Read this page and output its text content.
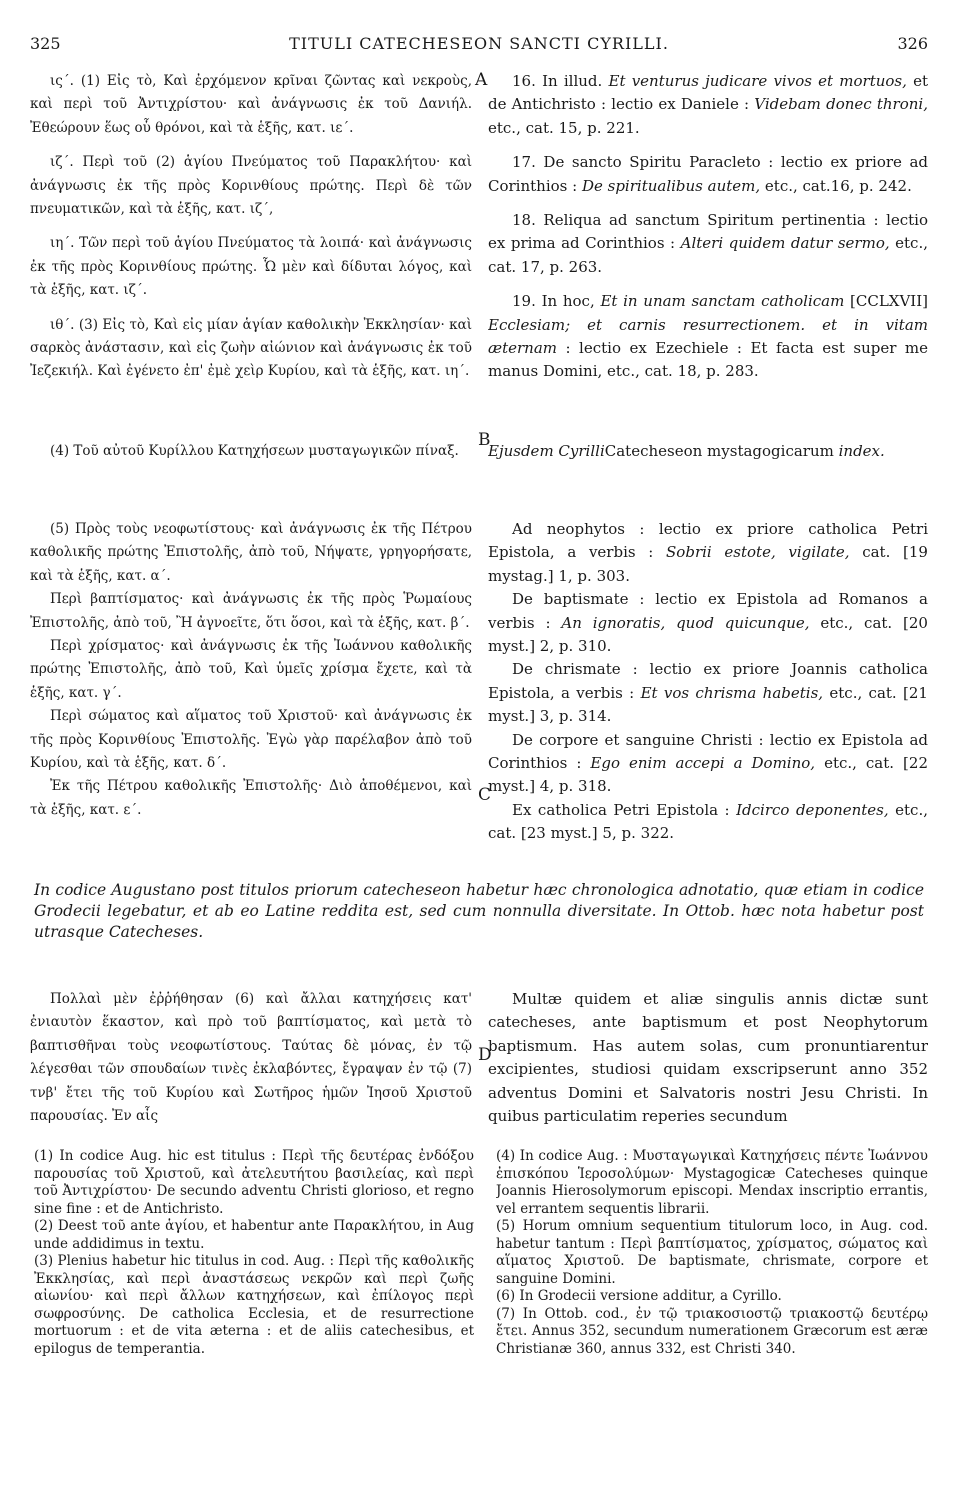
325	TITULI CATECHESEON SANCTI CYRILLI.	326

ις΄. (1) Εἰς τὸ, Καὶ ἐρχόμενον κρῖναι ζῶντας καὶ νεκροὺς, καὶ περὶ τοῦ Ἀντιχρίστου· καὶ ἀνάγνωσις ἐκ τοῦ Δανιήλ. Ἐθεώρουν ἕως οὗ θρόνοι, καὶ τὰ ἑξῆς, κατ. ιε΄.

ιζ΄. Περὶ τοῦ (2) ἁγίου Πνεύματος τοῦ Παρακλήτου· καὶ ἀνάγνωσις ἐκ τῆς πρὸς Κορινθίους πρώτης. Περὶ δὲ τῶν πνευματικῶν, καὶ τὰ ἑξῆς, κατ. ιζ΄,

ιη΄. Τῶν περὶ τοῦ ἁγίου Πνεύματος τὰ λοιπά· καὶ ἀνάγνωσις ἐκ τῆς πρὸς Κορινθίους πρώτης. Ὧ μὲν καὶ δίδυται λόγος, καὶ τὰ ἑξῆς, κατ. ιζ΄.

ιθ΄. (3) Εἰς τὸ, Καὶ εἰς μίαν ἁγίαν καθολικὴν Ἐκκλησίαν· καὶ σαρκὸς ἀνάστασιν, καὶ εἰς ζωὴν αἰώνιον καὶ ἀνάγνωσις ἐκ τοῦ Ἰεζεκιήλ. Καὶ ἐγένετο ἐπ' ἐμὲ χεὶρ Κυρίου, καὶ τὰ ἑξῆς, κατ. ιη΄.

16. In illud. Et venturus judicare vivos et mortuos, et de Antichristo : lectio ex Daniele : Videbam donec throni, etc., cat. 15, p. 221.

17. De sancto Spiritu Paracleto : lectio ex priore ad Corinthios : De spiritualibus autem, etc., cat.16, p. 242.

18. Reliqua ad sanctum Spiritum pertinentia : lectio ex prima ad Corinthios : Alteri quidem datur sermo, etc., cat. 17, p. 263.

19. In hoc, Et in unam sanctam catholicam [CCLXVII] Ecclesiam; et carnis resurrectionem. et in vitam æternam : lectio ex Ezechiele : Et facta est super me manus Domini, etc., cat. 18, p. 283.

A
B
C
D

(4) Τοῦ αὐτοῦ Κυρίλλου Κατηχήσεων μυσταγωγικῶν πίναξ.	Ejusdem CyrilliCatecheseon mystagogicarum index.

(5) Πρὸς τοὺς νεοφωτίστους· καὶ ἀνάγνωσις ἐκ τῆς Πέτρου καθολικῆς πρώτης Ἐπιστολῆς, ἀπὸ τοῦ, Νήψατε, γρηγορήσατε, καὶ τὰ ἑξῆς, κατ. α΄.

Περὶ βαπτίσματος· καὶ ἀνάγνωσις ἐκ τῆς πρὸς Ῥωμαίους Ἐπιστολῆς, ἀπὸ τοῦ, Ἢ ἀγνοεῖτε, ὅτι ὅσοι, καὶ τὰ ἑξῆς, κατ. β΄.

Περὶ χρίσματος· καὶ ἀνάγνωσις ἐκ τῆς Ἰωάννου καθολικῆς πρώτης Ἐπιστολῆς, ἀπὸ τοῦ, Καὶ ὑμεῖς χρίσμα ἔχετε, καὶ τὰ ἑξῆς, κατ. γ΄.

Περὶ σώματος καὶ αἵματος τοῦ Χριστοῦ· καὶ ἀνάγνωσις ἐκ τῆς πρὸς Κορινθίους Ἐπιστολῆς. Ἐγὼ γὰρ παρέλαβον ἀπὸ τοῦ Κυρίου, καὶ τὰ ἑξῆς, κατ. δ΄.

Ἐκ τῆς Πέτρου καθολικῆς Ἐπιστολῆς· Διὸ ἀποθέμενοι, καὶ τὰ ἑξῆς, κατ. ε΄.

Ad neophytos : lectio ex priore catholica Petri Epistola, a verbis : Sobrii estote, vigilate, cat. [19 mystag.] 1, p. 303.

De baptismate : lectio ex Epistola ad Romanos a verbis : An ignoratis, quod quicunque, etc., cat. [20 myst.] 2, p. 310.

De chrismate : lectio ex priore Joannis catholica Epistola, a verbis : Et vos chrisma habetis, etc., cat. [21 myst.] 3, p. 314.

De corpore et sanguine Christi : lectio ex Epistola ad Corinthios : Ego enim accepi a Domino, etc., cat. [22 myst.] 4, p. 318.

Ex catholica Petri Epistola : Idcirco deponentes, etc., cat. [23 myst.] 5, p. 322.

In codice Augustano post titulos priorum catecheseon habetur hæc chronologica adnotatio, quæ etiam in codice Grodecii legebatur, et ab eo Latine reddita est, sed cum nonnulla diversitate. In Ottob. hæc nota habetur post utrasque Catecheses.

Πολλαὶ μὲν ἐῤῥήθησαν (6) καὶ ἄλλαι κατηχήσεις κατ' ἐνιαυτὸν ἕκαστον, καὶ πρὸ τοῦ βαπτίσματος, καὶ μετὰ τὸ βαπτισθῆναι τοὺς νεοφωτίστους. Ταύτας δὲ μόνας, ἐν τῷ λέγεσθαι τῶν σπουδαίων τινὲς ἐκλαβόντες, ἔγραψαν ἐν τῷ (7) τνβ' ἔτει τῆς τοῦ Κυρίου καὶ Σωτῆρος ἡμῶν Ἰησοῦ Χριστοῦ παρουσίας. Ἐν αἷς

Multæ quidem et aliæ singulis annis dictæ sunt catecheses, ante baptismum et post Neophytorum baptismum. Has autem solas, cum pronuntiarentur excipientes, studiosi quidam exscripserunt anno 352 adventus Domini et Salvatoris nostri Jesu Christi. In quibus particulatim reperies secundum

(1) In codice Aug. hic est titulus : Περὶ τῆς δευτέρας ἐνδόξου παρουσίας τοῦ Χριστοῦ, καὶ ἀτελευτήτου βασιλείας, καὶ περὶ τοῦ Ἀντιχρίστου· De secundo adventu Christi glorioso, et regno sine fine : et de Antichristo.

(2) Deest τοῦ ante ἁγίου, et habentur ante Παρακλήτου, in Aug unde addidimus in textu.

(3) Plenius habetur hic titulus in cod. Aug. : Περὶ τῆς καθολικῆς Ἐκκλησίας, καὶ περὶ ἀναστάσεως νεκρῶν καὶ περὶ ζωῆς αἰωνίου· καὶ περὶ ἄλλων κατηχήσεων, καὶ ἐπίλογος περὶ σωφροσύνης. De catholica Ecclesia, et de resurrectione mortuorum : et de vita æterna : et de aliis catechesibus, et epilogus de temperantia.

(4) In codice Aug. : Μυσταγωγικαὶ Κατηχήσεις πέντε Ἰωάννου ἐπισκόπου Ἱεροσολύμων· Mystagogicæ Catecheses quinque Joannis Hierosolymorum episcopi. Mendax inscriptio errantis, vel errantem sequentis librarii.

(5) Horum omnium sequentium titulorum loco, in Aug. cod. habetur tantum : Περὶ βαπτίσματος, χρίσματος, σώματος καὶ αἵματος Χριστοῦ. De baptismate, chrismate, corpore et sanguine Domini.

(6) In Grodecii versione additur, a Cyrillo.

(7) In Ottob. cod., ἐν τῷ τριακοσιοστῷ τριακοστῷ δευτέρῳ ἔτει. Annus 352, secundum numerationem Græcorum est æræ Christianæ 360, annus 332, est Christi 340.
